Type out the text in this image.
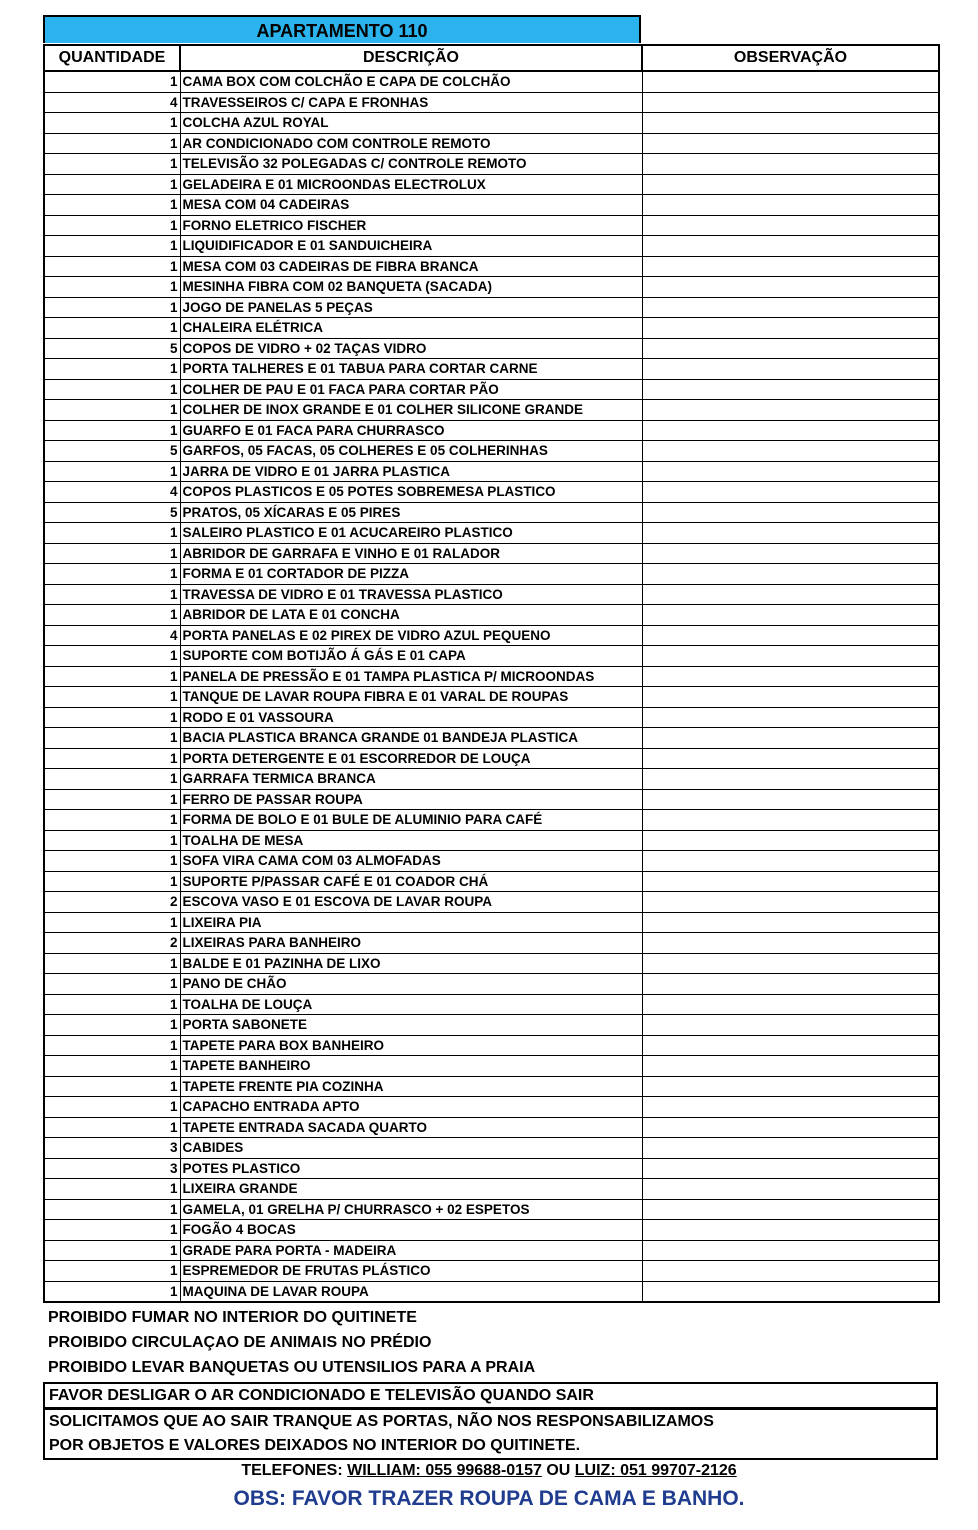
APARTAMENTO 110
QUANTIDADE	DESCRIÇÃO	OBSERVAÇÃO
1	CAMA BOX COM COLCHÃO E CAPA DE COLCHÃO	
4	TRAVESSEIROS C/ CAPA E FRONHAS	
1	COLCHA AZUL ROYAL	
1	AR CONDICIONADO COM CONTROLE REMOTO	
1	TELEVISÃO 32 POLEGADAS C/ CONTROLE REMOTO	
1	GELADEIRA E 01 MICROONDAS ELECTROLUX	
1	MESA COM 04 CADEIRAS	
1	FORNO ELETRICO FISCHER	
1	LIQUIDIFICADOR E 01 SANDUICHEIRA	
1	MESA COM 03 CADEIRAS DE FIBRA BRANCA	
1	MESINHA FIBRA COM 02 BANQUETA (SACADA)	
1	JOGO DE PANELAS 5 PEÇAS	
1	CHALEIRA ELÉTRICA	
5	COPOS DE VIDRO + 02 TAÇAS VIDRO	
1	PORTA TALHERES E 01 TABUA PARA CORTAR CARNE	
1	COLHER DE PAU E 01 FACA PARA CORTAR PÃO	
1	COLHER DE INOX GRANDE E 01 COLHER SILICONE GRANDE	
1	GUARFO E 01 FACA PARA CHURRASCO	
5	GARFOS, 05 FACAS, 05 COLHERES E 05 COLHERINHAS	
1	JARRA DE VIDRO E 01 JARRA PLASTICA	
4	COPOS PLASTICOS E 05 POTES SOBREMESA PLASTICO	
5	PRATOS, 05 XÍCARAS E 05 PIRES	
1	SALEIRO PLASTICO E 01 ACUCAREIRO PLASTICO	
1	ABRIDOR DE GARRAFA E VINHO E 01 RALADOR	
1	FORMA E 01 CORTADOR DE PIZZA	
1	TRAVESSA DE VIDRO E 01 TRAVESSA PLASTICO	
1	ABRIDOR DE LATA E 01 CONCHA	
4	PORTA PANELAS E 02 PIREX DE VIDRO AZUL PEQUENO	
1	SUPORTE COM BOTIJÃO Á GÁS E 01 CAPA	
1	PANELA DE PRESSÃO E 01 TAMPA PLASTICA P/ MICROONDAS	
1	TANQUE DE LAVAR ROUPA FIBRA E 01 VARAL DE ROUPAS	
1	RODO E 01 VASSOURA	
1	BACIA PLASTICA BRANCA GRANDE 01 BANDEJA PLASTICA	
1	PORTA DETERGENTE E 01 ESCORREDOR DE LOUÇA	
1	GARRAFA TERMICA BRANCA	
1	FERRO DE PASSAR ROUPA	
1	FORMA DE BOLO E 01 BULE DE ALUMINIO PARA CAFÉ	
1	TOALHA DE MESA	
1	SOFA VIRA CAMA COM 03 ALMOFADAS	
1	SUPORTE P/PASSAR CAFÉ E 01 COADOR CHÁ	
2	ESCOVA VASO E 01 ESCOVA DE LAVAR ROUPA	
1	LIXEIRA PIA	
2	LIXEIRAS PARA BANHEIRO	
1	BALDE E 01 PAZINHA DE LIXO	
1	PANO DE CHÃO	
1	TOALHA DE LOUÇA	
1	PORTA SABONETE	
1	TAPETE PARA BOX BANHEIRO	
1	TAPETE BANHEIRO	
1	TAPETE FRENTE PIA COZINHA	
1	CAPACHO ENTRADA APTO	
1	TAPETE ENTRADA SACADA QUARTO	
3	CABIDES	
3	POTES PLASTICO	
1	LIXEIRA GRANDE	
1	GAMELA, 01 GRELHA P/ CHURRASCO + 02 ESPETOS	
1	FOGÃO 4 BOCAS	
1	GRADE PARA PORTA - MADEIRA	
1	ESPREMEDOR DE FRUTAS PLÁSTICO	
1	MAQUINA DE LAVAR ROUPA	
PROIBIDO FUMAR NO INTERIOR DO QUITINETE
PROIBIDO CIRCULAÇAO DE ANIMAIS NO PRÉDIO
PROIBIDO LEVAR BANQUETAS OU UTENSILIOS PARA A PRAIA
FAVOR DESLIGAR O AR CONDICIONADO E TELEVISÃO QUANDO SAIR
SOLICITAMOS QUE AO SAIR TRANQUE AS PORTAS, NÃO NOS RESPONSABILIZAMOS
POR OBJETOS E VALORES DEIXADOS NO INTERIOR DO QUITINETE.
TELEFONES: WILLIAM: 055 99688-0157 OU LUIZ: 051 99707-2126
OBS: FAVOR TRAZER ROUPA DE CAMA E BANHO.
